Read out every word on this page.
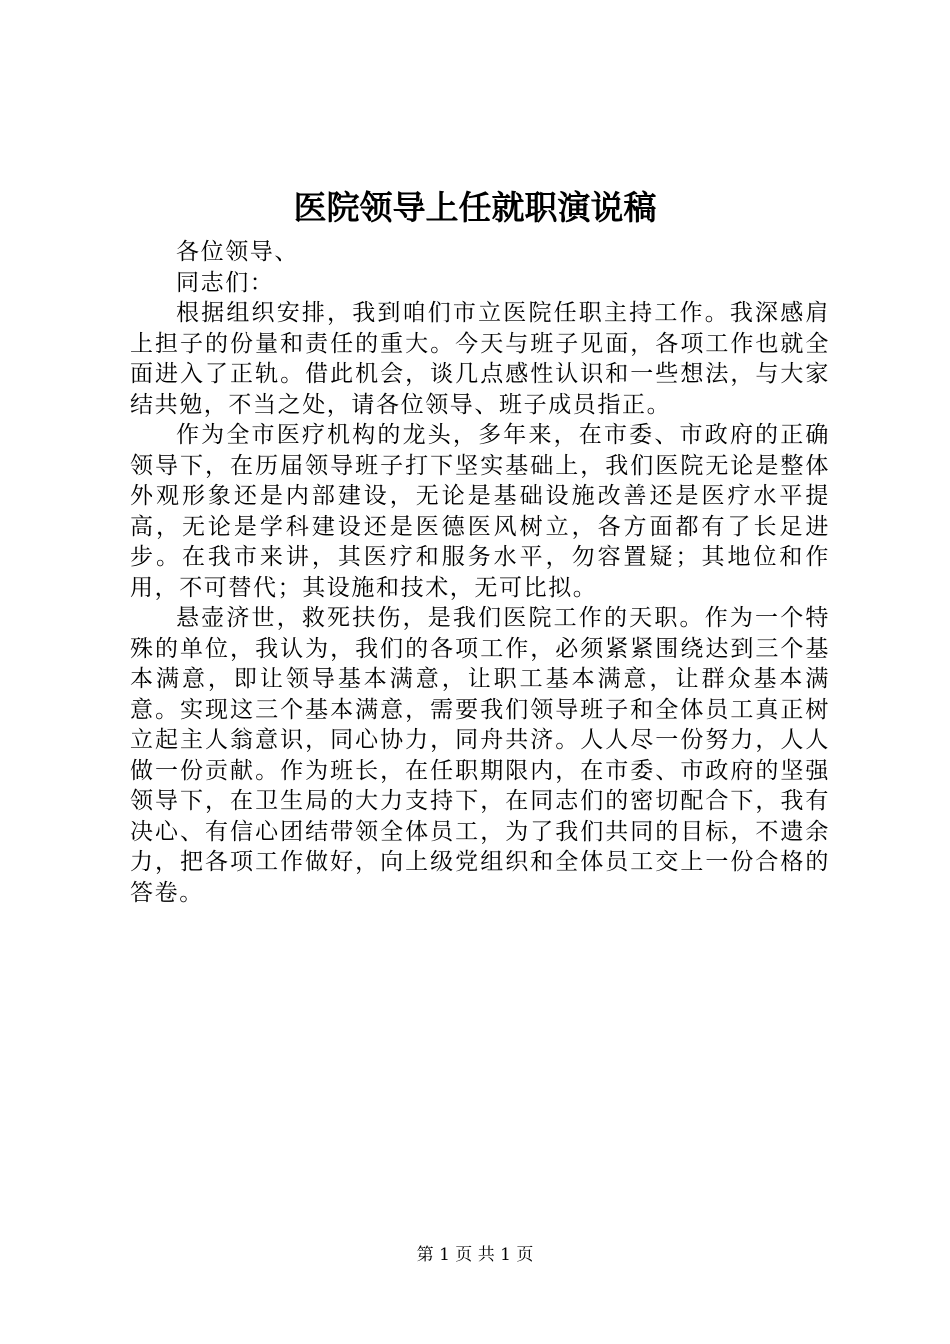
医院领导上任就职演说稿

各位领导、

同志们：

根据组织安排，我到咱们市立医院任职主持工作。我深感肩上担子的份量和责任的重大。今天与班子见面，各项工作也就全面进入了正轨。借此机会，谈几点感性认识和一些想法，与大家结共勉，不当之处，请各位领导、班子成员指正。

作为全市医疗机构的龙头，多年来，在市委、市政府的正确领导下，在历届领导班子打下坚实基础上，我们医院无论是整体外观形象还是内部建设，无论是基础设施改善还是医疗水平提高，无论是学科建设还是医德医风树立，各方面都有了长足进步。在我市来讲，其医疗和服务水平，勿容置疑；其地位和作用，不可替代；其设施和技术，无可比拟。

悬壶济世，救死扶伤，是我们医院工作的天职。作为一个特殊的单位，我认为，我们的各项工作，必须紧紧围绕达到三个基本满意，即让领导基本满意，让职工基本满意，让群众基本满意。实现这三个基本满意，需要我们领导班子和全体员工真正树立起主人翁意识，同心协力，同舟共济。人人尽一份努力，人人做一份贡献。作为班长，在任职期限内，在市委、市政府的坚强领导下，在卫生局的大力支持下，在同志们的密切配合下，我有决心、有信心团结带领全体员工，为了我们共同的目标，不遗余力，把各项工作做好，向上级党组织和全体员工交上一份合格的答卷。

第 1 页 共 1 页
